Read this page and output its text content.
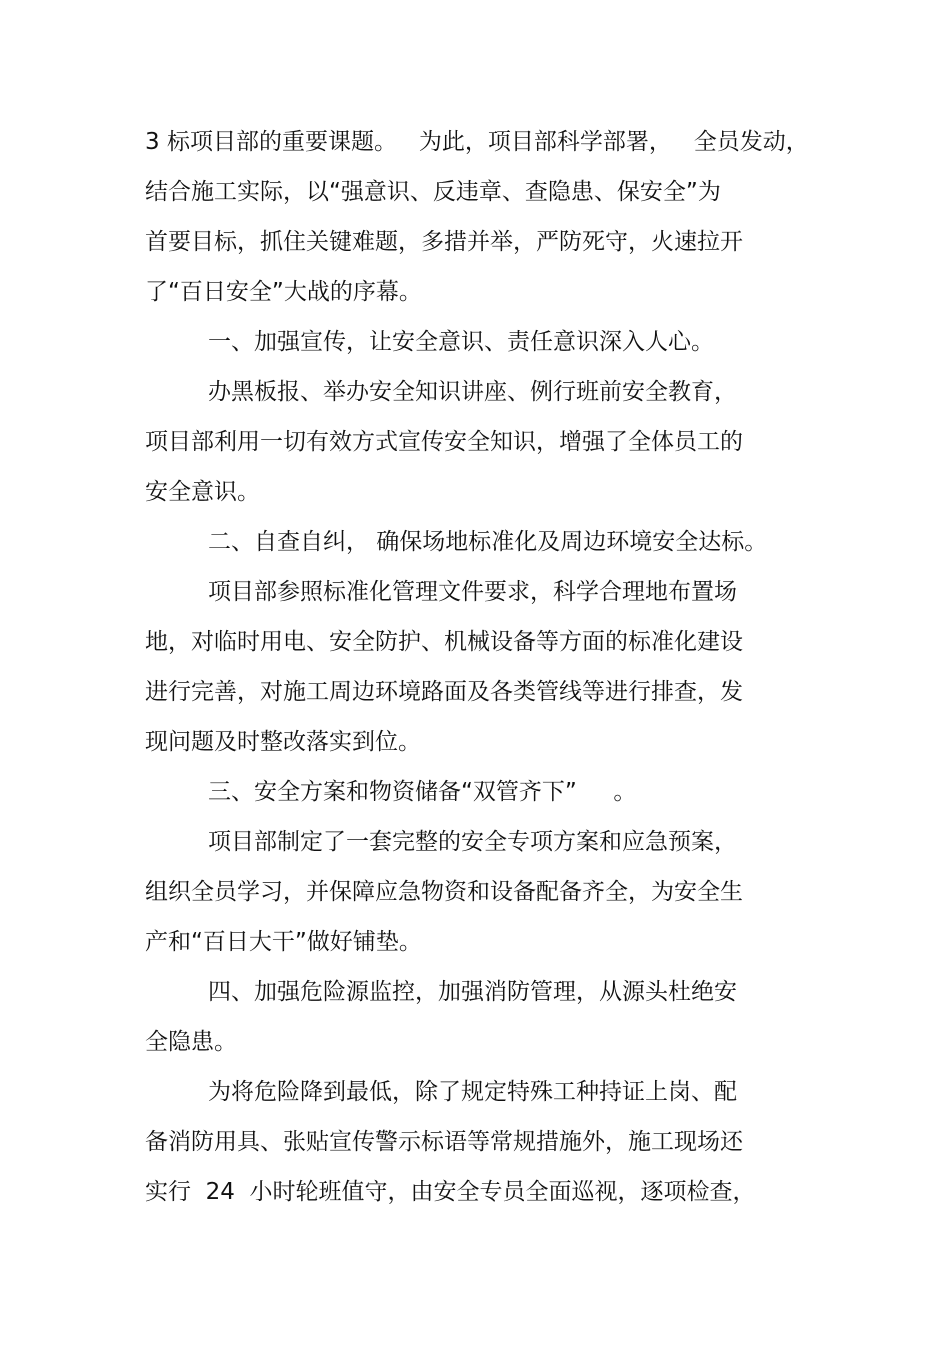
3 标项目部的重要课题。   为此，项目部科学部署，   全员发动，
结合施工实际，以“强意识、反违章、查隐患、保安全”为
首要目标，抓住关键难题，多措并举，严防死守，火速拉开
了“百日安全”大战的序幕。
一、加强宣传，让安全意识、责任意识深入人心。
办黑板报、举办安全知识讲座、例行班前安全教育，
项目部利用一切有效方式宣传安全知识，增强了全体员工的
安全意识。
二、自查自纠， 确保场地标准化及周边环境安全达标。
项目部参照标准化管理文件要求，科学合理地布置场
地，对临时用电、安全防护、机械设备等方面的标准化建设
进行完善，对施工周边环境路面及各类管线等进行排查，发
现问题及时整改落实到位。
三、安全方案和物资储备“双管齐下”     。
项目部制定了一套完整的安全专项方案和应急预案，
组织全员学习，并保障应急物资和设备配备齐全，为安全生
产和“百日大干”做好铺垫。
四、加强危险源监控，加强消防管理，从源头杜绝安
全隐患。
为将危险降到最低，除了规定特殊工种持证上岗、配
备消防用具、张贴宣传警示标语等常规措施外，施工现场还
实行  24  小时轮班值守，由安全专员全面巡视，逐项检查，
